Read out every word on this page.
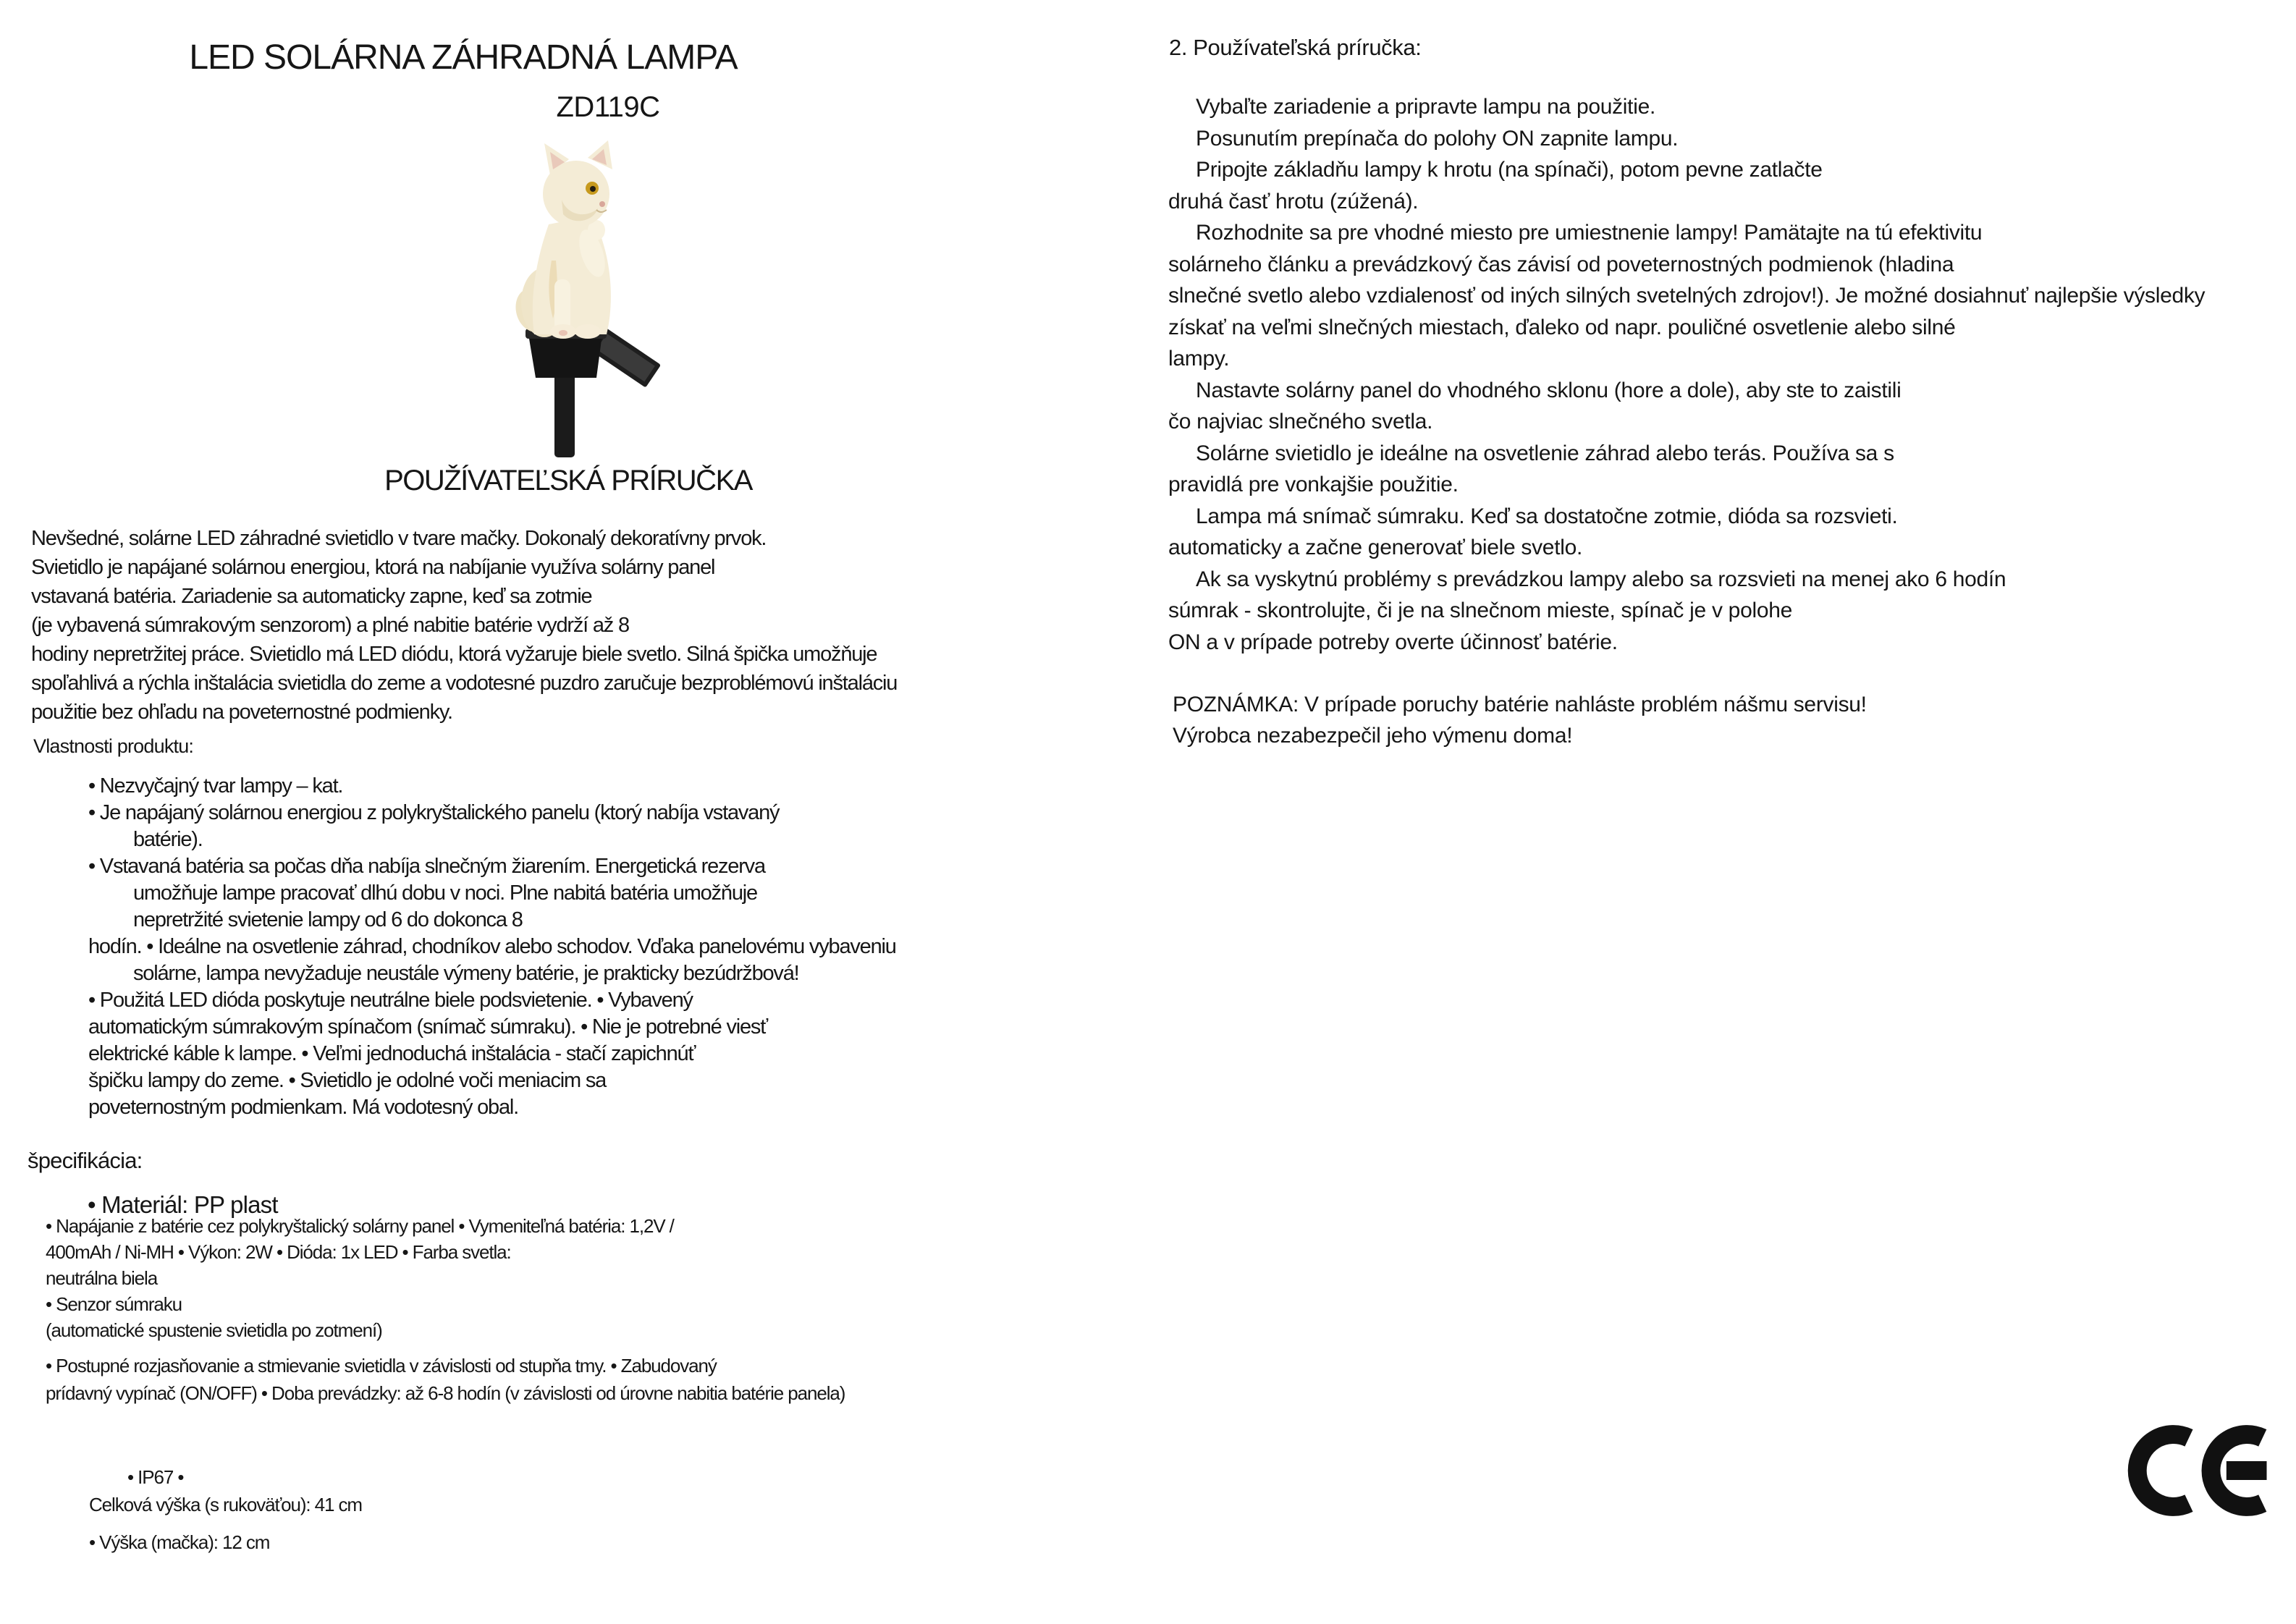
LED SOLÁRNA ZÁHRADNÁ LAMPA
ZD119C
POUŽÍVATEĽSKÁ PRÍRUČKA
Nevšedné, solárne LED záhradné svietidlo v tvare mačky. Dokonalý dekoratívny prvok.
Svietidlo je napájané solárnou energiou, ktorá na nabíjanie využíva solárny panel
vstavaná batéria. Zariadenie sa automaticky zapne, keď sa zotmie
(je vybavená súmrakovým senzorom) a plné nabitie batérie vydrží až 8
hodiny nepretržitej práce. Svietidlo má LED diódu, ktorá vyžaruje biele svetlo. Silná špička umožňuje
spoľahlivá a rýchla inštalácia svietidla do zeme a vodotesné puzdro zaručuje bezproblémovú inštaláciu
použitie bez ohľadu na poveternostné podmienky.
Vlastnosti produktu:
• Nezvyčajný tvar lampy – kat.
• Je napájaný solárnou energiou z polykryštalického panelu (ktorý nabíja vstavaný
batérie).
• Vstavaná batéria sa počas dňa nabíja slnečným žiarením. Energetická rezerva
umožňuje lampe pracovať dlhú dobu v noci. Plne nabitá batéria umožňuje
nepretržité svietenie lampy od 6 do dokonca 8
hodín. • Ideálne na osvetlenie záhrad, chodníkov alebo schodov. Vďaka panelovému vybaveniu
solárne, lampa nevyžaduje neustále výmeny batérie, je prakticky bezúdržbová!
• Použitá LED dióda poskytuje neutrálne biele podsvietenie. • Vybavený
automatickým súmrakovým spínačom (snímač súmraku). • Nie je potrebné viesť
elektrické káble k lampe. • Veľmi jednoduchá inštalácia - stačí zapichnúť
špičku lampy do zeme. • Svietidlo je odolné voči meniacim sa
poveternostným podmienkam. Má vodotesný obal.
špecifikácia:
• Materiál: PP plast
• Napájanie z batérie cez polykryštalický solárny panel • Vymeniteľná batéria: 1,2V /
400mAh / Ni-MH • Výkon: 2W • Dióda: 1x LED • Farba svetla:
neutrálna biela
• Senzor súmraku
(automatické spustenie svietidla po zotmení)
• Postupné rozjasňovanie a stmievanie svietidla v závislosti od stupňa tmy. • Zabudovaný
prídavný vypínač (ON/OFF) • Doba prevádzky: až 6-8 hodín (v závislosti od úrovne nabitia batérie panela)
• IP67 •
Celková výška (s rukoväťou): 41 cm
• Výška (mačka): 12 cm
2. Používateľská príručka:
Vybaľte zariadenie a pripravte lampu na použitie.
Posunutím prepínača do polohy ON zapnite lampu.
Pripojte základňu lampy k hrotu (na spínači), potom pevne zatlačte
druhá časť hrotu (zúžená).
Rozhodnite sa pre vhodné miesto pre umiestnenie lampy! Pamätajte na tú efektivitu
solárneho článku a prevádzkový čas závisí od poveternostných podmienok (hladina
slnečné svetlo alebo vzdialenosť od iných silných svetelných zdrojov!). Je možné dosiahnuť najlepšie výsledky
získať na veľmi slnečných miestach, ďaleko od napr. pouličné osvetlenie alebo silné
lampy.
Nastavte solárny panel do vhodného sklonu (hore a dole), aby ste to zaistili
čo najviac slnečného svetla.
Solárne svietidlo je ideálne na osvetlenie záhrad alebo terás. Používa sa s
pravidlá pre vonkajšie použitie.
Lampa má snímač súmraku. Keď sa dostatočne zotmie, dióda sa rozsvieti.
automaticky a začne generovať biele svetlo.
Ak sa vyskytnú problémy s prevádzkou lampy alebo sa rozsvieti na menej ako 6 hodín
súmrak - skontrolujte, či je na slnečnom mieste, spínač je v polohe
ON a v prípade potreby overte účinnosť batérie.
POZNÁMKA: V prípade poruchy batérie nahláste problém nášmu servisu!
Výrobca nezabezpečil jeho výmenu doma!
